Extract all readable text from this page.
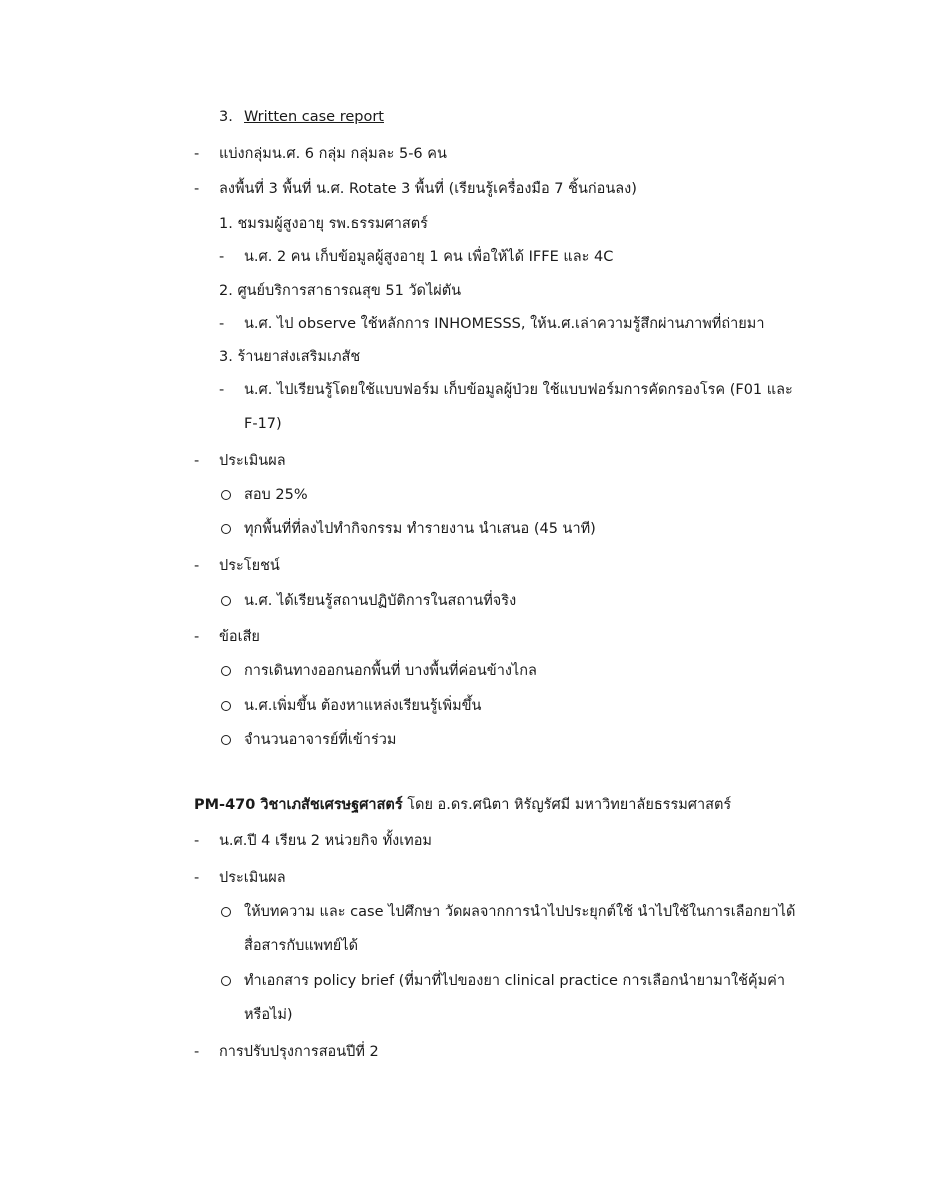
3. Written case report
- แบ่งกลุ่มน.ศ. 6 กลุ่ม กลุ่มละ 5-6 คน
- ลงพื้นที่ 3 พื้นที่ น.ศ. Rotate 3 พื้นที่ (เรียนรู้เครื่องมือ 7 ชิ้นก่อนลง)
1. ชมรมผู้สูงอายุ รพ.ธรรมศาสตร์
- น.ศ. 2 คน เก็บข้อมูลผู้สูงอายุ 1 คน เพื่อให้ได้ IFFE และ 4C
2. ศูนย์บริการสาธารณสุข 51 วัดไผ่ตัน
- น.ศ. ไป observe ใช้หลักการ INHOMESSS, ให้น.ศ.เล่าความรู้สึกผ่านภาพที่ถ่ายมา
3. ร้านยาส่งเสริมเภสัช
- น.ศ. ไปเรียนรู้โดยใช้แบบฟอร์ม เก็บข้อมูลผู้ป่วย ใช้แบบฟอร์มการคัดกรองโรค (F01 และ
F-17)
- ประเมินผล
สอบ 25%
ทุกพื้นที่ที่ลงไปทำกิจกรรม ทำรายงาน นำเสนอ (45 นาที)
- ประโยชน์
น.ศ. ได้เรียนรู้สถานปฏิบัติการในสถานที่จริง
- ข้อเสีย
การเดินทางออกนอกพื้นที่ บางพื้นที่ค่อนข้างไกล
น.ศ.เพิ่มขึ้น ต้องหาแหล่งเรียนรู้เพิ่มขึ้น
จำนวนอาจารย์ที่เข้าร่วม
PM-470 วิชาเภสัชเศรษฐศาสตร์ โดย อ.ดร.ศนิตา หิรัญรัศมี มหาวิทยาลัยธรรมศาสตร์
- น.ศ.ปี 4 เรียน 2 หน่วยกิจ ทั้งเทอม
- ประเมินผล
ให้บทความ และ case ไปศึกษา วัดผลจากการนำไปประยุกต์ใช้ นำไปใช้ในการเลือกยาได้
สื่อสารกับแพทย์ได้
ทำเอกสาร policy brief (ที่มาที่ไปของยา clinical practice การเลือกนำยามาใช้คุ้มค่า
หรือไม่)
- การปรับปรุงการสอนปีที่ 2
